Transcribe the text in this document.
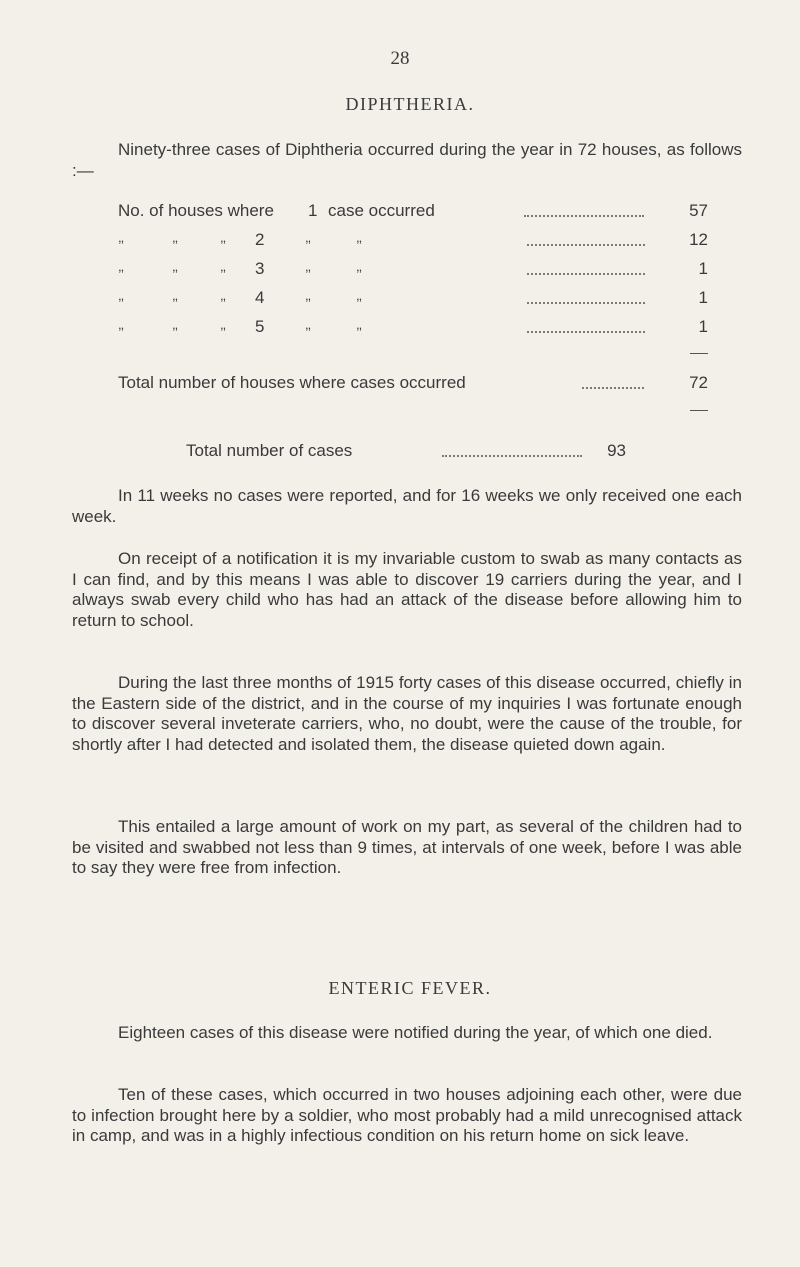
28
DIPHTHERIA.
Ninety-three cases of Diphtheria occurred during the year in 72 houses, as follows :—
No. of houses where 1 case occurred	57
,,	,,	,, 2	,,	,,	12
,,	,,	,, 3	,,	,,	1
,,	,,	,, 4	,,	,,	1
,,	,,	,, 5	,,	,,	1
Total number of houses where cases occurred	72
Total number of cases	93
In 11 weeks no cases were reported, and for 16 weeks we only received one each week.
On receipt of a notification it is my invariable custom to swab as many contacts as I can find, and by this means I was able to discover 19 carriers during the year, and I always swab every child who has had an attack of the disease before allowing him to return to school.
During the last three months of 1915 forty cases of this disease occurred, chiefly in the Eastern side of the district, and in the course of my inquiries I was fortunate enough to discover several inveterate carriers, who, no doubt, were the cause of the trouble, for shortly after I had detected and isolated them, the disease quieted down again.
This entailed a large amount of work on my part, as several of the children had to be visited and swabbed not less than 9 times, at intervals of one week, before I was able to say they were free from infection.
ENTERIC FEVER.
Eighteen cases of this disease were notified during the year, of which one died.
Ten of these cases, which occurred in two houses adjoining each other, were due to infection brought here by a soldier, who most probably had a mild unrecognised attack in camp, and was in a highly infectious condition on his return home on sick leave.
